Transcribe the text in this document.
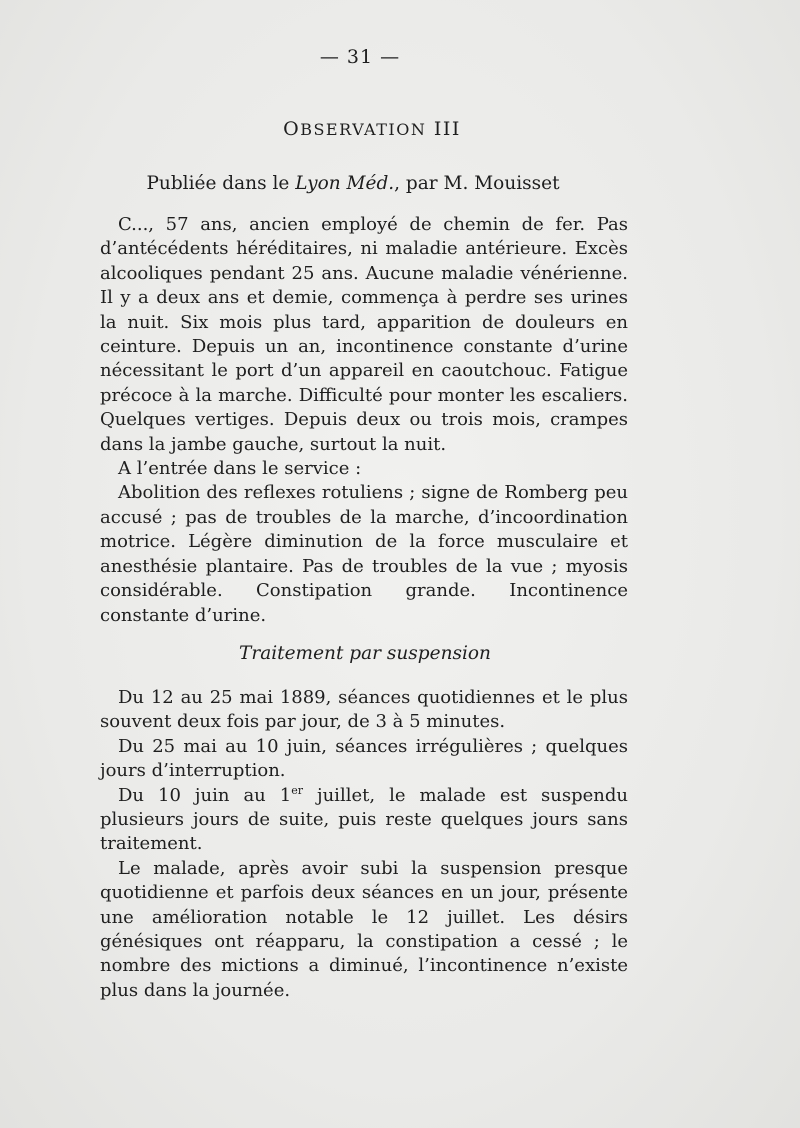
— 31 —
OBSERVATION III
Publiée dans le Lyon Méd., par M. Mouisset

C..., 57 ans, ancien employé de chemin de fer. Pas d’antécédents héréditaires, ni maladie antérieure. Excès alcooliques pendant 25 ans. Aucune maladie vénérienne. Il y a deux ans et demie, commença à perdre ses urines la nuit. Six mois plus tard, apparition de douleurs en ceinture. Depuis un an, incontinence constante d’urine nécessitant le port d’un appareil en caoutchouc. Fatigue précoce à la marche. Difficulté pour monter les escaliers. Quelques vertiges. Depuis deux ou trois mois, crampes dans la jambe gauche, surtout la nuit.

A l’entrée dans le service :

Abolition des reflexes rotuliens ; signe de Romberg peu accusé ; pas de troubles de la marche, d’incoordination motrice. Légère diminution de la force musculaire et anesthésie plantaire. Pas de troubles de la vue ; myosis considérable. Constipation grande. Incontinence constante d’urine.

Traitement par suspension

Du 12 au 25 mai 1889, séances quotidiennes et le plus souvent deux fois par jour, de 3 à 5 minutes.

Du 25 mai au 10 juin, séances irrégulières ; quelques jours d’interruption.

Du 10 juin au 1er juillet, le malade est suspendu plusieurs jours de suite, puis reste quelques jours sans traitement.

Le malade, après avoir subi la suspension presque quotidienne et parfois deux séances en un jour, présente une amélioration notable le 12 juillet. Les désirs génésiques ont réapparu, la constipation a cessé ; le nombre des mictions a diminué, l’incontinence n’existe plus dans la journée.
